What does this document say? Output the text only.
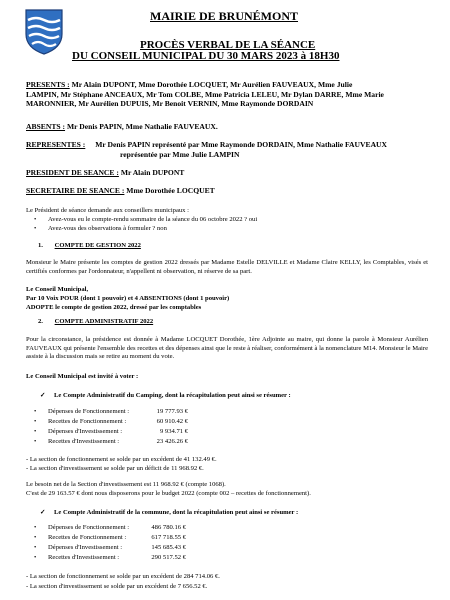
MAIRIE DE BRUNÉMONT
PROCÈS VERBAL DE LA SÉANCE
DU CONSEIL MUNICIPAL DU 30 MARS 2023 à 18H30
PRESENTS : Mr Alain DUPONT, Mme Dorothée LOCQUET, Mr Aurélien FAUVEAUX, Mme Julie
LAMPIN, Mr Stéphane ANCEAUX, Mr Tom COLBE, Mme Patricia LELEU, Mr Dylan DARRE, Mme Marie
MARONNIER, Mr Aurélien DUPUIS, Mr Benoit VERNIN, Mme Raymonde DORDAIN
ABSENTS : Mr Denis PAPIN, Mme Nathalie FAUVEAUX.
REPRESENTES : Mr Denis PAPIN représenté par Mme Raymonde DORDAIN, Mme Nathalie FAUVEAUX
représentée par Mme Julie LAMPIN
PRESIDENT DE SEANCE : Mr Alain DUPONT
SECRETAIRE DE SEANCE : Mme Dorothée LOCQUET
Le Président de séance demande aux conseillers municipaux :
• Avez-vous eu le compte-rendu sommaire de la séance du 06 octobre 2022 ? oui
• Avez-vous des observations à formuler ? non
1. COMPTE DE GESTION 2022
Monsieur le Maire présente les comptes de gestion 2022 dressés par Madame Estelle DELVILLE et Madame Claire KELLY, les Comptables, visés et certifiés conformes par l'ordonnateur, n'appellent ni observation, ni réserve de sa part.
Le Conseil Municipal,
Par 10 Voix POUR (dont 1 pouvoir) et 4 ABSENTIONS (dont 1 pouvoir)
ADOPTE le compte de gestion 2022, dressé par les comptables
2. COMPTE ADMINISTRATIF 2022
Pour la circonstance, la présidence est donnée à Madame LOCQUET Dorothée, 1ère Adjointe au maire, qui donne la parole à Monsieur Aurélien FAUVEAUX qui présente l'ensemble des recettes et des dépenses ainsi que le reste à réaliser, conformément à la nomenclature M14. Monsieur le Maire assiste à la discussion mais se retire au moment du vote.
Le Conseil Municipal est invité à voter :
✓ Le Compte Administratif du Camping, dont la récapitulation peut ainsi se résumer :
• Dépenses de Fonctionnement :	19 777.93 €
• Recettes de Fonctionnement :	60 910.42 €
• Dépenses d'Investissement :	9 934.71 €
• Recettes d'Investissement :	23 426.26 €
- La section de fonctionnement se solde par un excédent de 41 132.49 €.
- La section d'investissement se solde par un déficit de 11 968.92 €.
Le besoin net de la Section d'investissement est 11 968.92 € (compte 1068).
C'est de 29 163.57 € dont nous disposerons pour le budget 2022 (compte 002 – recettes de fonctionnement).
✓ Le Compte Administratif de la commune, dont la récapitulation peut ainsi se résumer :
• Dépenses de Fonctionnement :	486 780.16 €
• Recettes de Fonctionnement :	617 718.55 €
• Dépenses d'Investissement :	145 685.43 €
• Recettes d'Investissement :	290 517.52 €
- La section de fonctionnement se solde par un excédent de 284 714.06 €.
- La section d'investissement se solde par un excédent de 7 656.52 €.
